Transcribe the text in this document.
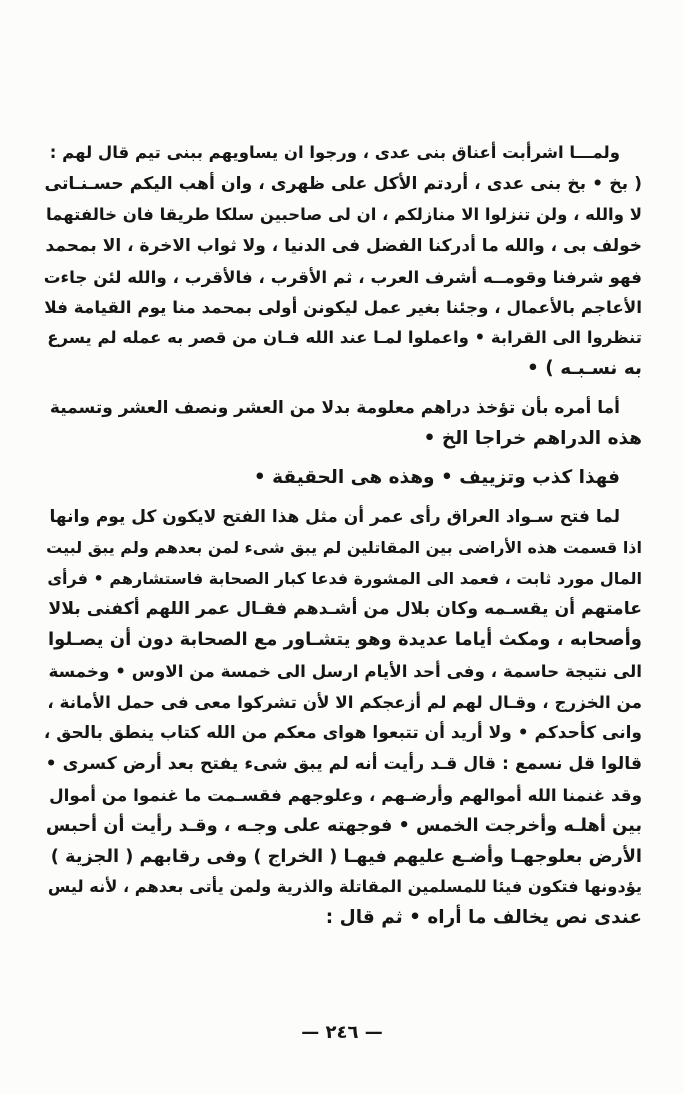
ولمـــا اشرأبت أعناق بنى عدى ، ورجوا ان يساويهم ببنى تيم قال لهم :
( بخ • بخ بنى عدى ، أردتم الأكل على ظهرى ، وان أهب اليكم حسـنـاتى
لا والله ، ولن تنزلوا الا منازلكم ، ان لى صاحبين سلكا طريقا فان خالفتهما
خولف بى ، والله ما أدركنا الفضل فى الدنيا ، ولا ثواب الاخرة ، الا بمحمد
فهو شرفنا وقومــه أشرف العرب ، ثم الأقرب ، فالأقرب ، والله لئن جاءت
الأعاجم بالأعمال ، وجئنا بغير عمل ليكونن أولى بمحمد منا يوم القيامة فلا
تنظروا الى القرابة • واعملوا لمـا عند الله فـان من قصر به عمله لم يسرع
به نسـبـه ) •
أما أمره بأن تؤخذ دراهم معلومة بدلا من العشر ونصف العشر وتسمية
هذه الدراهم خراجا الخ •
فهذا كذب وتزييف • وهذه هى الحقيقة •
لما فتح سـواد العراق رأى عمر أن مثل هذا الفتح لايكون كل يوم وانها
اذا قسمت هذه الأراضى بين المقاتلين لم يبق شىء لمن بعدهم ولم يبق لبيت
المال مورد ثابت ، فعمد الى المشورة فدعا كبار الصحابة فاستشارهم • فرأى
عامتهم أن يقسـمه وكان بلال من أشـدهم فقـال عمر اللهم أكفنى بلالا
وأصحابه ، ومكث أياما عديدة وهو يتشـاور مع الصحابة دون أن يصـلوا
الى نتيجة حاسمة ، وفى أحد الأيام ارسل الى خمسة من الاوس • وخمسة
من الخزرج ، وقـال لهم لم أزعجكم الا لأن تشركوا معى فى حمل الأمانة ،
وانى كأحدكم • ولا أريد أن تتبعوا هواى معكم من الله كتاب ينطق بالحق ،
قالوا قل نسمع : قال قـد رأيت أنه لم يبق شىء يفتح بعد أرض كسرى •
وقد غنمنا الله أموالهم وأرضـهم ، وعلوجهم فقسـمت ما غنموا من أموال
بين أهلـه وأخرجت الخمس • فوجهته على وجـه ، وقـد رأيت أن أحبس
الأرض بعلوجهـا وأضـع عليهم فيهـا ( الخراج ) وفى رقابهم ( الجزية )
يؤدونها فتكون فيئا للمسلمين المقاتلة والذرية ولمن يأتى بعدهم ، لأنه ليس
عندى نص يخالف ما أراه • ثم قال :
— ٢٤٦ —
